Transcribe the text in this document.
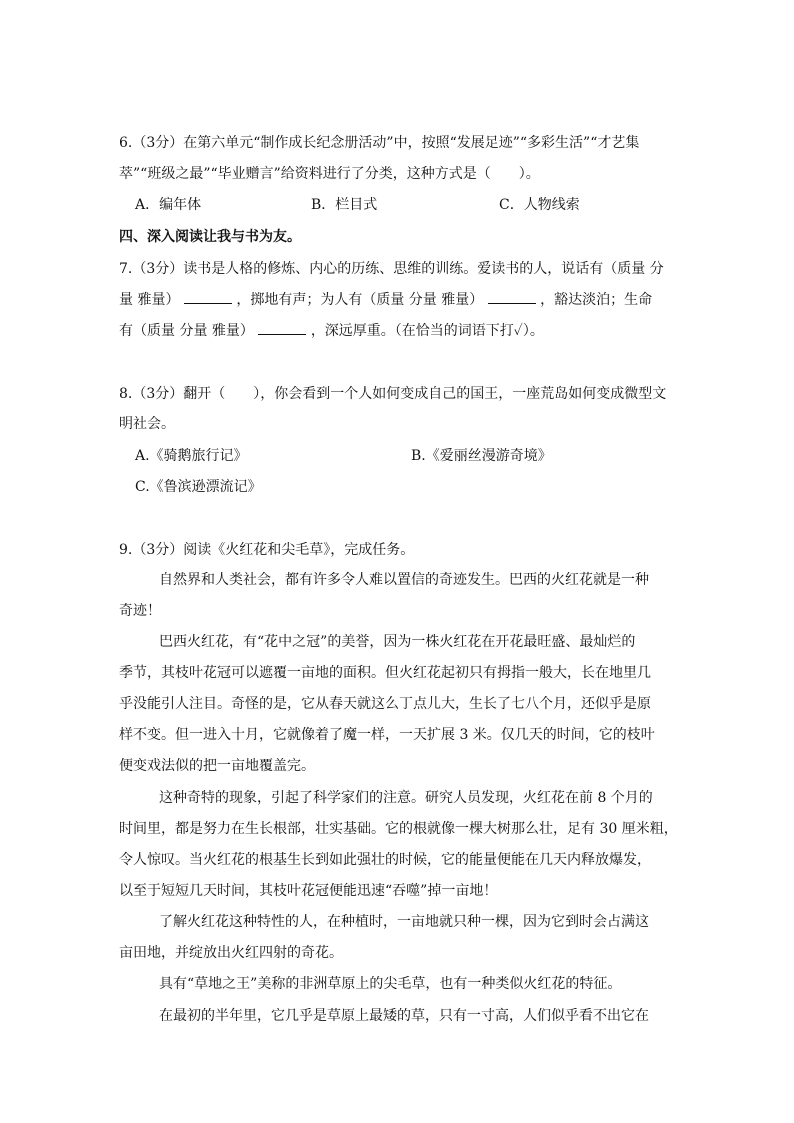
6.（3分）在第六单元“制作成长纪念册活动”中，按照“发展足迹”“多彩生活”“才艺集
萃”“班级之最”“毕业赠言”给资料进行了分类，这种方式是（　　）。
A．编年体	B．栏目式	C．人物线索
四、深入阅读让我与书为友。
7.（3分）读书是人格的修炼、内心的历练、思维的训练。爱读书的人，说话有（质量 分
量 雅量）	，掷地有声；为人有（质量 分量 雅量）	，豁达淡泊；生命
有（质量 分量 雅量）	，深远厚重。（在恰当的词语下打✓）。
8.（3分）翻开（　　），你会看到一个人如何变成自己的国王，一座荒岛如何变成微型文
明社会。
A.《骑鹅旅行记》	B.《爱丽丝漫游奇境》
C.《鲁滨逊漂流记》
9.（3分）阅读《火红花和尖毛草》，完成任务。
自然界和人类社会，都有许多令人难以置信的奇迹发生。巴西的火红花就是一种
奇迹！
巴西火红花，有“花中之冠”的美誉，因为一株火红花在开花最旺盛、最灿烂的
季节，其枝叶花冠可以遮覆一亩地的面积。但火红花起初只有拇指一般大，长在地里几
乎没能引人注目。奇怪的是，它从春天就这么丁点儿大，生长了七八个月，还似乎是原
样不变。但一进入十月，它就像着了魔一样，一天扩展 3 米。仅几天的时间，它的枝叶
便变戏法似的把一亩地覆盖完。
这种奇特的现象，引起了科学家们的注意。研究人员发现，火红花在前 8 个月的
时间里，都是努力在生长根部，壮实基础。它的根就像一棵大树那么壮，足有 30 厘米粗，
令人惊叹。当火红花的根基生长到如此强壮的时候，它的能量便能在几天内释放爆发，
以至于短短几天时间，其枝叶花冠便能迅速“吞噬”掉一亩地！
了解火红花这种特性的人，在种植时，一亩地就只种一棵，因为它到时会占满这
亩田地，并绽放出火红四射的奇花。
具有“草地之王”美称的非洲草原上的尖毛草，也有一种类似火红花的特征。
在最初的半年里，它几乎是草原上最矮的草，只有一寸高，人们似乎看不出它在
